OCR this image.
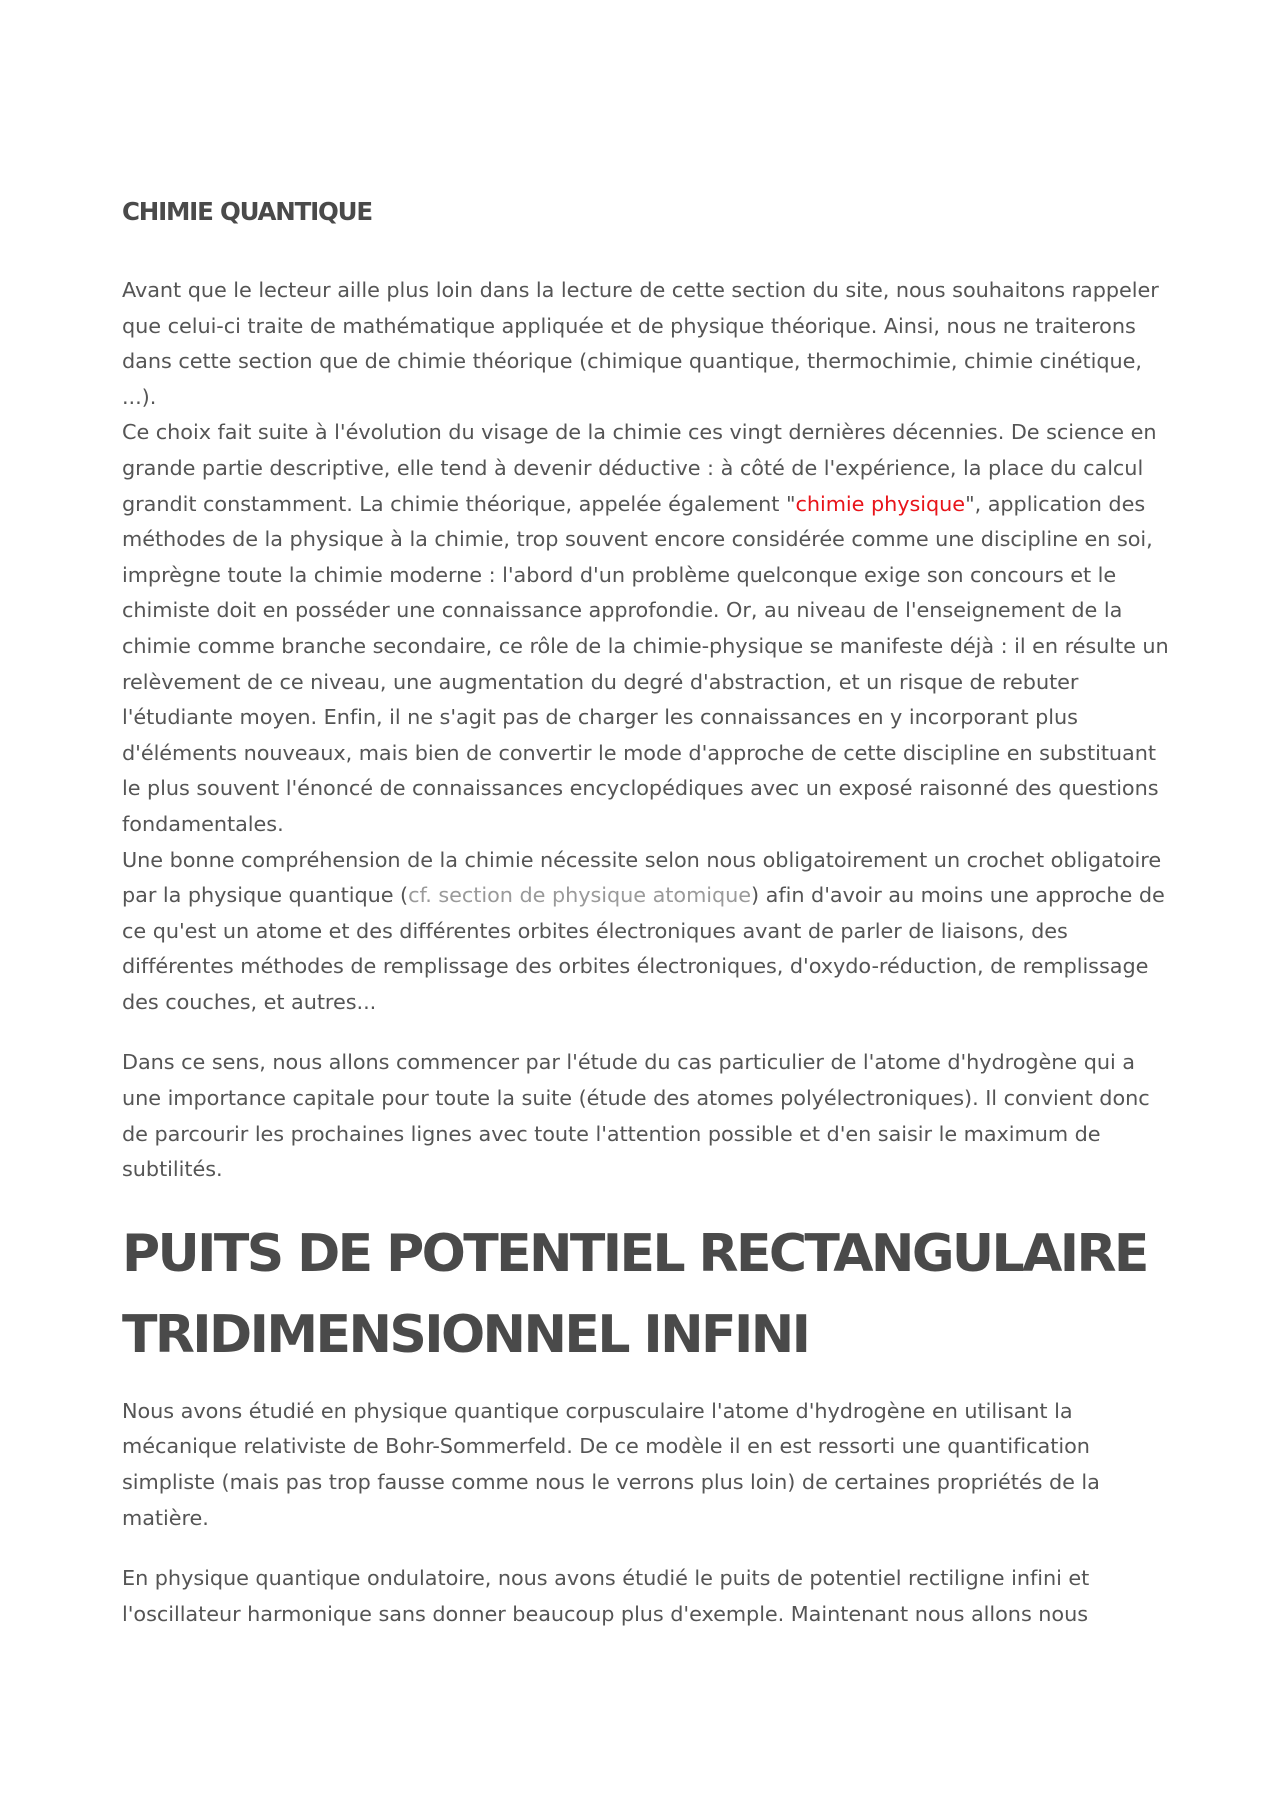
CHIMIE QUANTIQUE

Avant que le lecteur aille plus loin dans la lecture de cette section du site, nous souhaitons rappeler que celui-ci traite de mathématique appliquée et de physique théorique. Ainsi, nous ne traiterons dans cette section que de chimie théorique (chimique quantique, thermochimie, chimie cinétique, ...).

Ce choix fait suite à l'évolution du visage de la chimie ces vingt dernières décennies. De science en grande partie descriptive, elle tend à devenir déductive : à côté de l'expérience, la place du calcul grandit constamment. La chimie théorique, appelée également "chimie physique", application des méthodes de la physique à la chimie, trop souvent encore considérée comme une discipline en soi, imprègne toute la chimie moderne : l'abord d'un problème quelconque exige son concours et le chimiste doit en posséder une connaissance approfondie. Or, au niveau de l'enseignement de la chimie comme branche secondaire, ce rôle de la chimie-physique se manifeste déjà : il en résulte un relèvement de ce niveau, une augmentation du degré d'abstraction, et un risque de rebuter l'étudiante moyen. Enfin, il ne s'agit pas de charger les connaissances en y incorporant plus d'éléments nouveaux, mais bien de convertir le mode d'approche de cette discipline en substituant le plus souvent l'énoncé de connaissances encyclopédiques avec un exposé raisonné des questions fondamentales.

Une bonne compréhension de la chimie nécessite selon nous obligatoirement un crochet obligatoire par la physique quantique (cf. section de physique atomique) afin d'avoir au moins une approche de ce qu'est un atome et des différentes orbites électroniques avant de parler de liaisons, des différentes méthodes de remplissage des orbites électroniques, d'oxydo-réduction, de remplissage des couches, et autres...

Dans ce sens, nous allons commencer par l'étude du cas particulier de l'atome d'hydrogène qui a une importance capitale pour toute la suite (étude des atomes polyélectroniques). Il convient donc de parcourir les prochaines lignes avec toute l'attention possible et d'en saisir le maximum de subtilités.

PUITS DE POTENTIEL RECTANGULAIRE TRIDIMENSIONNEL INFINI

Nous avons étudié en physique quantique corpusculaire l'atome d'hydrogène en utilisant la mécanique relativiste de Bohr-Sommerfeld. De ce modèle il en est ressorti une quantification simpliste (mais pas trop fausse comme nous le verrons plus loin) de certaines propriétés de la matière.

En physique quantique ondulatoire, nous avons étudié le puits de potentiel rectiligne infini et l'oscillateur harmonique sans donner beaucoup plus d'exemple. Maintenant nous allons nous
